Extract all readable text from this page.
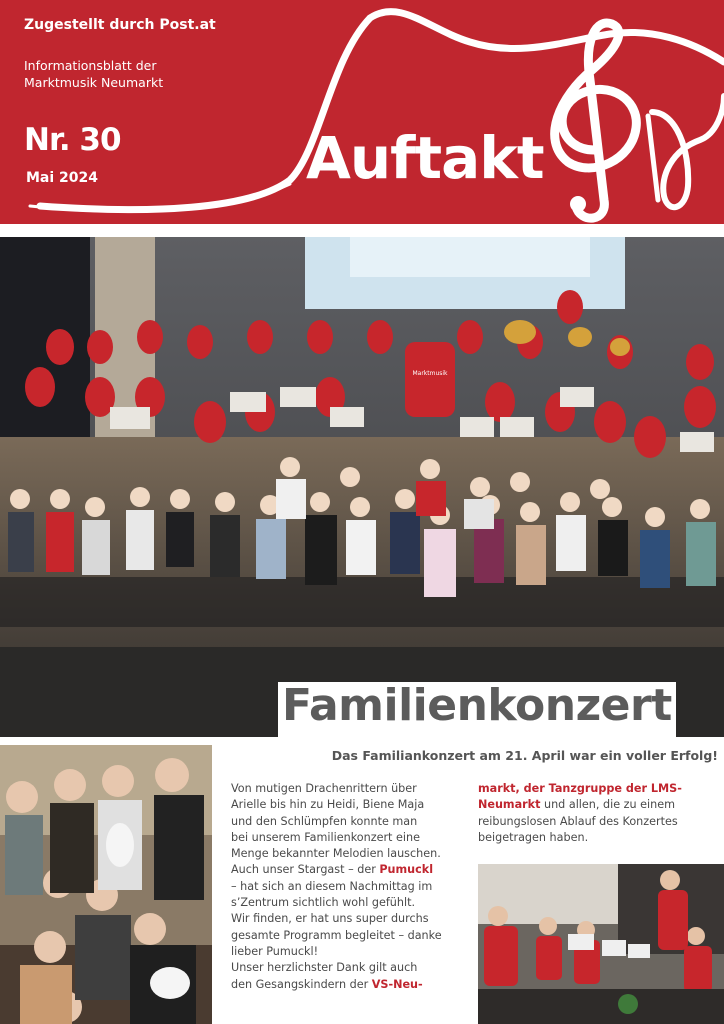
Zugestellt durch Post.at
Informationsblatt der
Marktmusik Neumarkt
Nr. 30
Mai 2024	Auftakt
Marktmusik
Familienkonzert
Das Familiankonzert am 21. April war ein voller Erfolg!

Von mutigen Drachenrittern über

Arielle bis hin zu Heidi, Biene Maja

und den Schlümpfen konnte man

bei unserem Familienkonzert eine

Menge bekannter Melodien lauschen.

Auch unser Stargast – der Pumuckl

– hat sich an diesem Nachmittag im

s’Zentrum sichtlich wohl gefühlt.

Wir finden, er hat uns super durchs

gesamte Programm begleitet – danke

lieber Pumuckl!

Unser herzlichster Dank gilt auch

den Gesangskindern der VS-Neu-

markt, der Tanzgruppe der LMS-

Neumarkt und allen, die zu einem

reibungslosen Ablauf des Konzertes

beigetragen haben.
